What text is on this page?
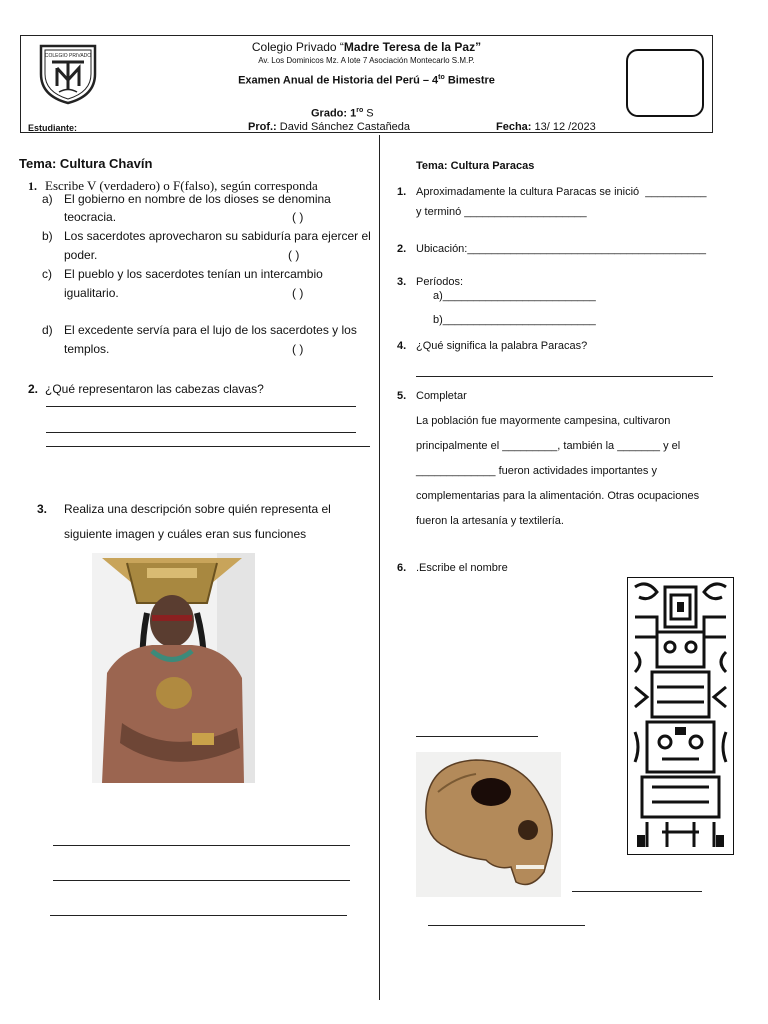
COLEGIO PRIVADO
Colegio Privado “Madre Teresa de la Paz”
Av. Los Dominicos Mz. A lote 7 Asociación Montecarlo S.M.P.
Examen Anual de Historia del Perú – $4^{to}$ Bimestre
Grado: $1^{ro}$ S
Estudiante:	Prof.: David Sánchez Castañeda	Fecha: 13/ 12 /2023
Tema: Cultura Chavín
1. Escribe V (verdadero) o F(falso), según corresponda
a) El gobierno en nombre de los dioses se denomina
teocracia.	( )
b) Los sacerdotes aprovecharon su sabiduría para ejercer el
poder.	( )
c) El pueblo y los sacerdotes tenían un intercambio
igualitario.	( )
d) El excedente servía para el lujo de los sacerdotes y los
templos.	( )
2. ¿Qué representaron las cabezas clavas?
3. Realiza una descripción sobre quién representa el
siguiente imagen y cuáles eran sus funciones
Tema: Cultura Paracas
1. Aproximadamente la cultura Paracas se inició  __________
y terminó ____________________
2. Ubicación:_______________________________________
3. Períodos:
a)_________________________
b)_________________________
4. ¿Qué significa la palabra Paracas?
5. Completar
La población fue mayormente campesina, cultivaron
principalmente el _________, también la _______ y el
_____________ fueron actividades importantes y
complementarias para la alimentación. Otras ocupaciones
fueron la artesanía y textilería.
6. .Escribe el nombre
